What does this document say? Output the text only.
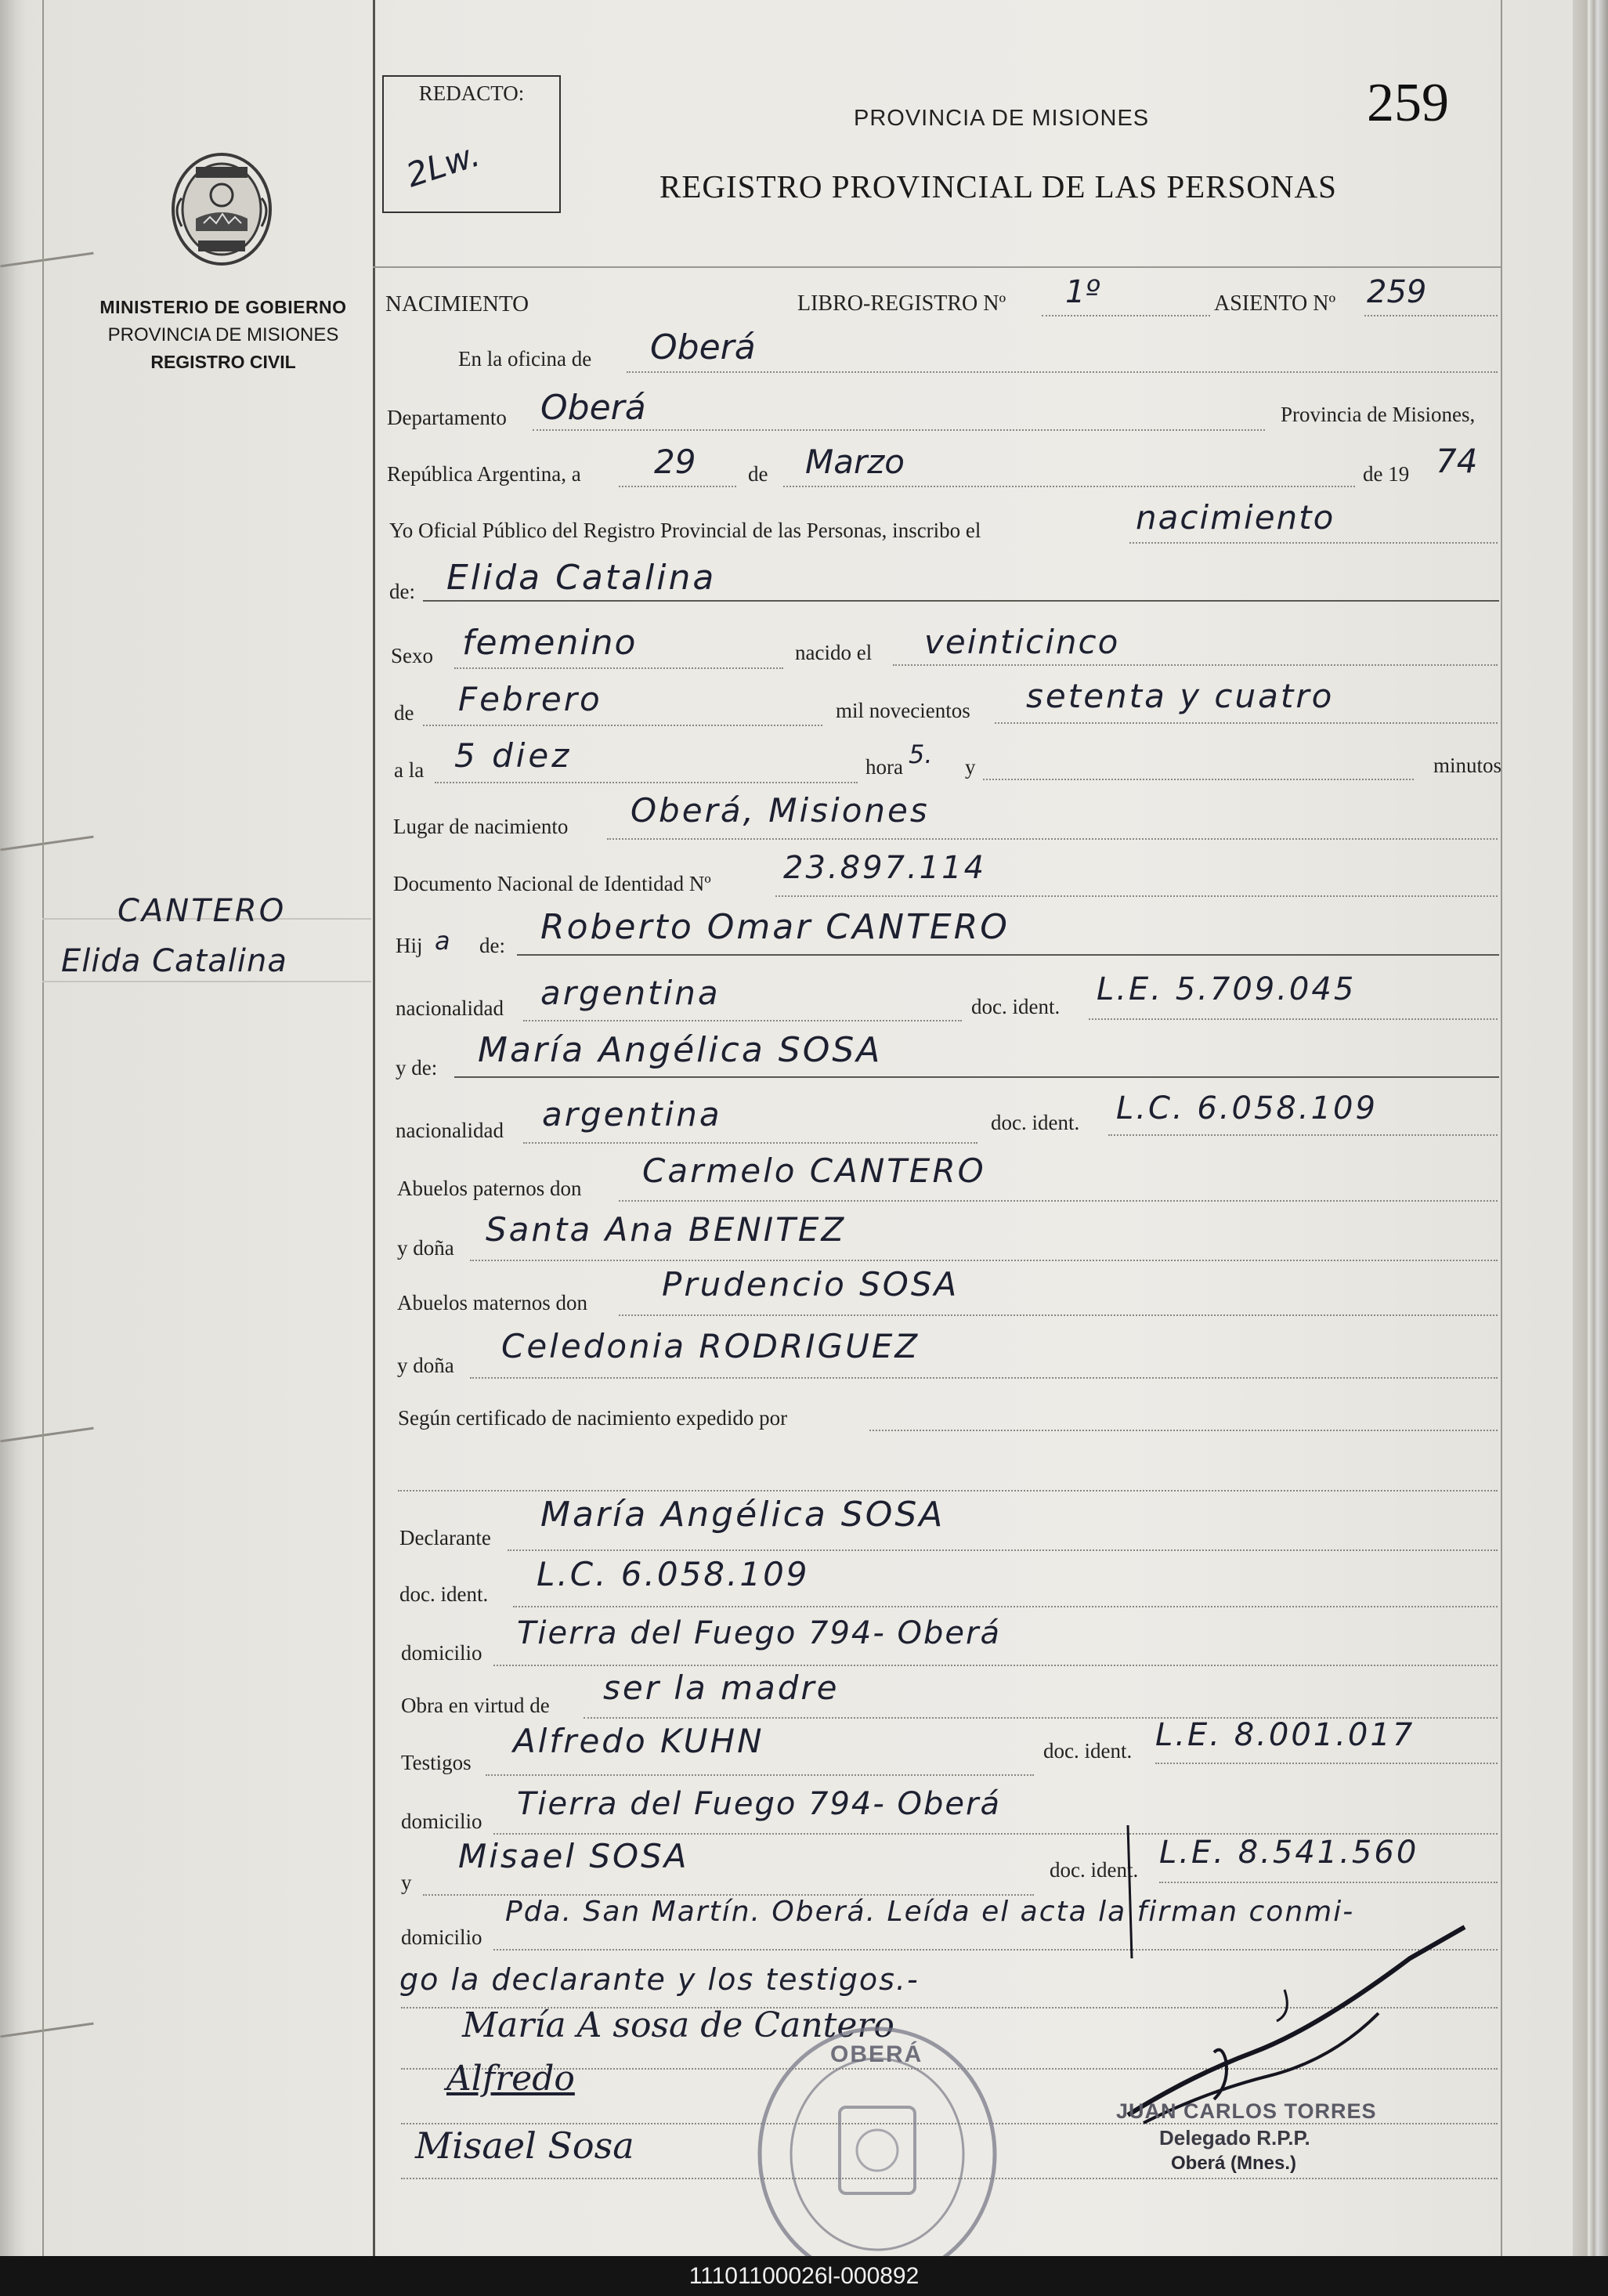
REDACTO:
2Lw.
PROVINCIA DE MISIONES	259
REGISTRO PROVINCIAL DE LAS PERSONAS
MINISTERIO DE GOBIERNO
PROVINCIA DE MISIONES
REGISTRO CIVIL
CANTERO
Elida Catalina
NACIMIENTO	LIBRO-REGISTRO Nº 1º	ASIENTO Nº 259
En la oficina de Oberá
Departamento Oberá	Provincia de Misiones,
República Argentina, a 29 de Marzo	de 19 74
Yo Oficial Público del Registro Provincial de las Personas, inscribo el	nacimiento
de: Elida Catalina
Sexo femenino	nacido el veinticinco
de Febrero	mil novecientos setenta y cuatro
a la 5 diez	hora 5. y	minutos
Lugar de nacimiento Oberá, Misiones
Documento Nacional de Identidad Nº 23.897.114
Hij a de: Roberto Omar CANTERO
nacionalidad argentina	doc. ident. L.E. 5.709.045
y de: María Angélica SOSA
nacionalidad argentina	doc. ident. L.C. 6.058.109
Abuelos paternos don Carmelo CANTERO
y doña Santa Ana BENITEZ
Abuelos maternos don Prudencio SOSA
y doña Celedonia RODRIGUEZ
Según certificado de nacimiento expedido por
Declarante
María Angélica SOSA
doc. ident.
L.C. 6.058.109
domicilio
Tierra del Fuego 794- Oberá
Obra en virtud de ser la madre
Testigos
Alfredo KUHN	doc. ident. L.E. 8.001.017
domicilio Tierra del Fuego 794- Oberá
y
Misael SOSA	doc. ident. L.E. 8.541.560
domicilio
Pda. San Martín. Oberá. Leída el acta la firman conmi-
go la declarante y los testigos.-
María A sosa de Cantero
Alfredo
Misael Sosa
JUAN CARLOS TORRES
Delegado R.P.P.
Oberá (Mnes.)
OBERÁ
11101100026l-000892
